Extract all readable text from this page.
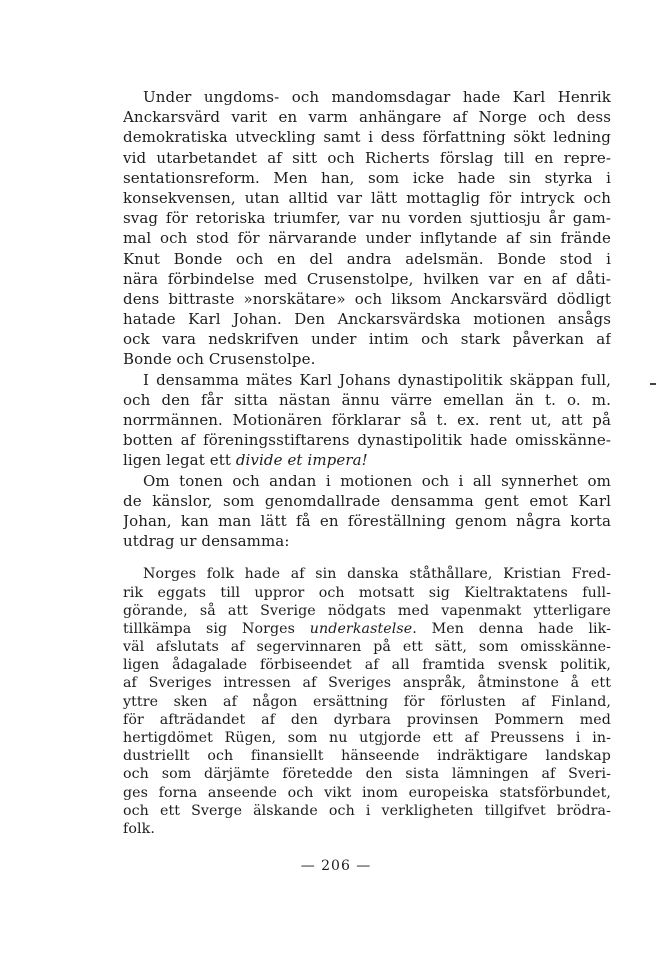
Under ungdoms- och mandomsdagar hade Karl Henrik
Anckarsvärd varit en varm anhängare af Norge och dess
demokratiska utveckling samt i dess författning sökt ledning
vid utarbetandet af sitt och Richerts förslag till en repre-
sentationsreform. Men han, som icke hade sin styrka i
konsekvensen, utan alltid var lätt mottaglig för intryck och
svag för retoriska triumfer, var nu vorden sjuttiosju år gam-
mal och stod för närvarande under inflytande af sin frände
Knut Bonde och en del andra adelsmän. Bonde stod i
nära förbindelse med Crusenstolpe, hvilken var en af dåti-
dens bittraste »norskätare» och liksom Anckarsvärd dödligt
hatade Karl Johan. Den Anckarsvärdska motionen ansågs
ock vara nedskrifven under intim och stark påverkan af
Bonde och Crusenstolpe.
I densamma mätes Karl Johans dynastipolitik skäppan full,
och den får sitta nästan ännu värre emellan än t. o. m.
norrmännen. Motionären förklarar så t. ex. rent ut, att på
botten af föreningsstiftarens dynastipolitik hade omisskänne-
ligen legat ett divide et impera!
Om tonen och andan i motionen och i all synnerhet om
de känslor, som genomdallrade densamma gent emot Karl
Johan, kan man lätt få en föreställning genom några korta
utdrag ur densamma:
Norges folk hade af sin danska ståthållare, Kristian Fred-
rik eggats till uppror och motsatt sig Kieltraktatens full-
görande, så att Sverige nödgats med vapenmakt ytterligare
tillkämpa sig Norges underkastelse. Men denna hade lik-
väl afslutats af segervinnaren på ett sätt, som omisskänne-
ligen ådagalade förbiseendet af all framtida svensk politik,
af Sveriges intressen af Sveriges anspråk, åtminstone å ett
yttre sken af någon ersättning för förlusten af Finland,
för afträdandet af den dyrbara provinsen Pommern med
hertigdömet Rügen, som nu utgjorde ett af Preussens i in-
dustriellt och finansiellt hänseende indräktigare landskap
och som därjämte företedde den sista lämningen af Sveri-
ges forna anseende och vikt inom europeiska statsförbundet,
och ett Sverge älskande och i verkligheten tillgifvet brödra-
folk.
— 206 —
